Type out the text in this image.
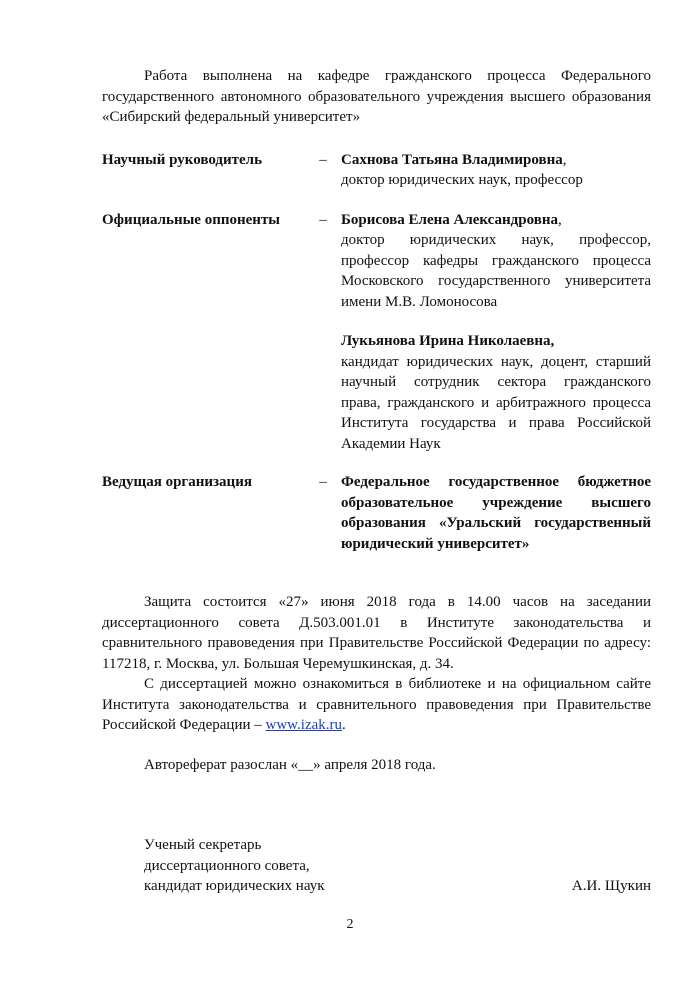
Работа выполнена на кафедре гражданского процесса Федерального государственного автономного образовательного учреждения высшего образования «Сибирский федеральный университет»

Научный руководитель	– Сахнова Татьяна Владимировна,
доктор юридических наук, профессор
Официальные оппоненты	– Борисова Елена Александровна,
доктор юридических наук, профессор, профессор кафедры гражданского процесса Московского государственного университета имени М.В. Ломоносова
Лукьянова Ирина Николаевна,
кандидат юридических наук, доцент, старший научный сотрудник сектора гражданского права, гражданского и арбитражного процесса Института государства и права Российской Академии Наук
Ведущая организация	– Федеральное государственное бюджетное образовательное учреждение высшего образования «Уральский государственный юридический университет»

Защита состоится «27» июня 2018 года в 14.00 часов на заседании диссертационного совета Д.503.001.01 в Институте законодательства и сравнительного правоведения при Правительстве Российской Федерации по адресу: 117218, г. Москва, ул. Большая Черемушкинская, д. 34.

С диссертацией можно ознакомиться в библиотеке и на официальном сайте Института законодательства и сравнительного правоведения при Правительстве Российской Федерации – www.izak.ru.

Автореферат разослан «__» апреля 2018 года.

Ученый секретарь
диссертационного совета,
кандидат юридических наук	А.И. Щукин
2
